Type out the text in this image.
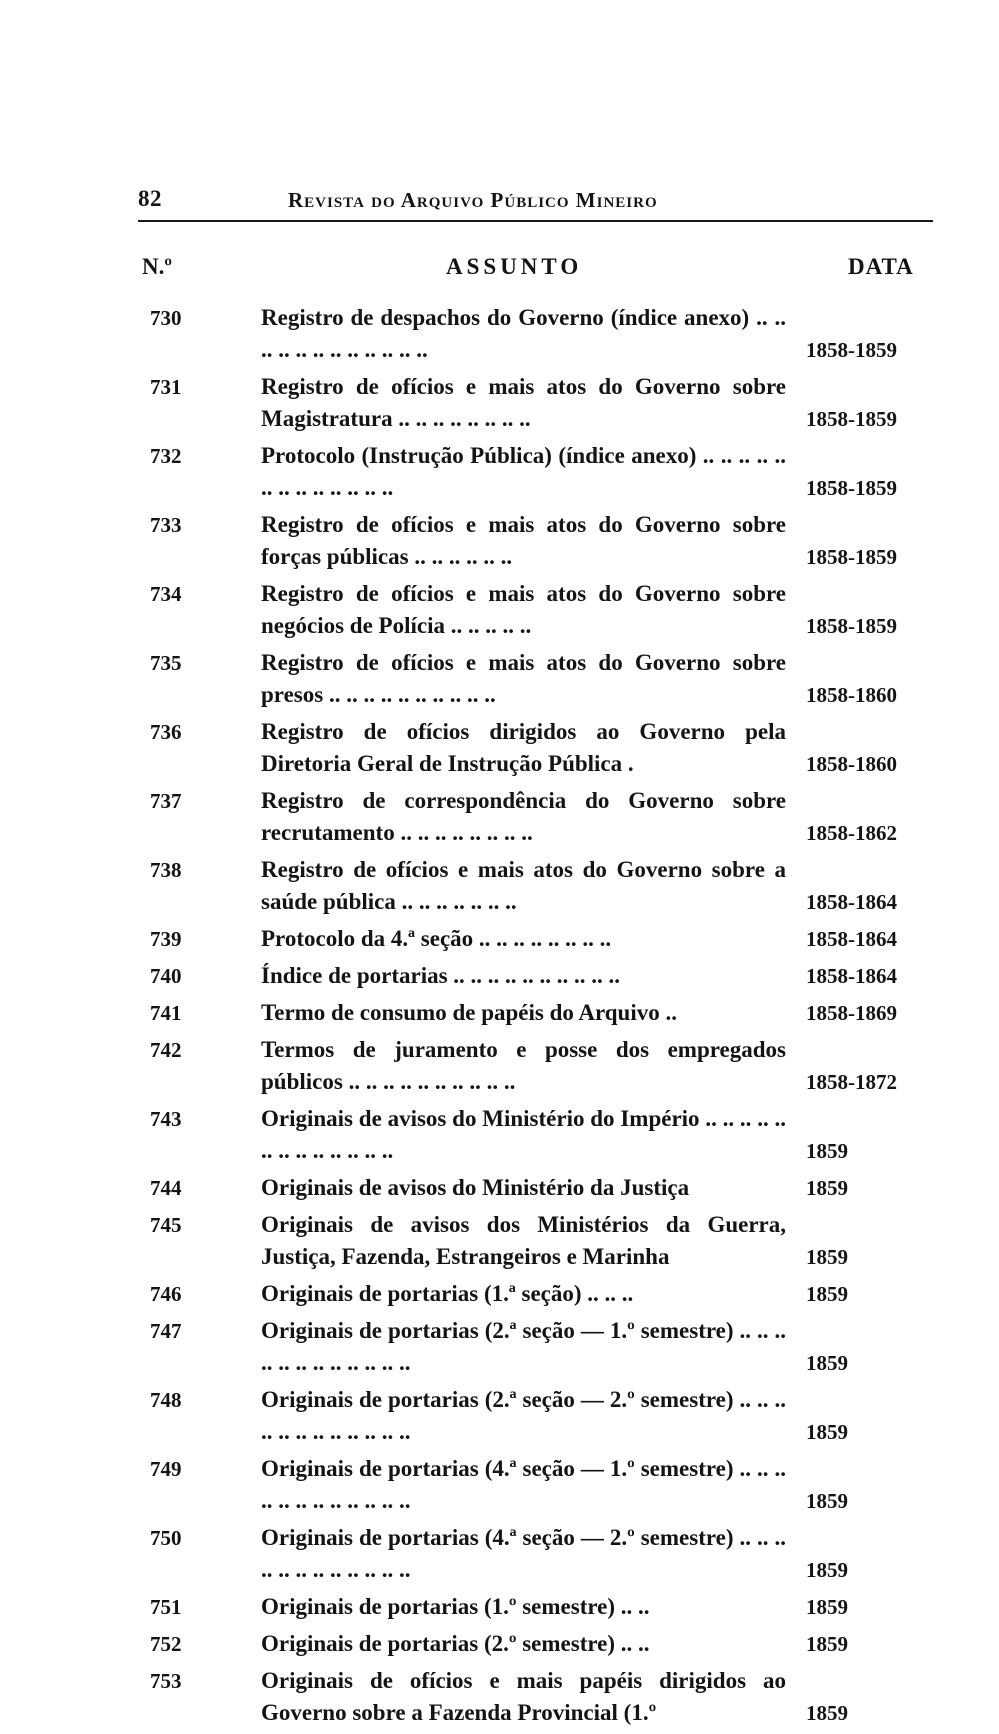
82	Revista do Arquivo Público Mineiro
N.º	ASSUNTO	DATA
730	Registro de despachos do Governo (índice anexo) .. .. .. .. .. .. .. .. .. .. .. ..	1858-1859
731	Registro de ofícios e mais atos do Governo sobre Magistratura .. .. .. .. .. .. .. ..	1858-1859
732	Protocolo (Instrução Pública) (índice anexo) .. .. .. .. .. .. .. .. .. .. .. .. ..	1858-1859
733	Registro de ofícios e mais atos do Governo sobre forças públicas .. .. .. .. .. ..	1858-1859
734	Registro de ofícios e mais atos do Governo sobre negócios de Polícia .. .. .. .. ..	1858-1859
735	Registro de ofícios e mais atos do Governo sobre presos .. .. .. .. .. .. .. .. .. ..	1858-1860
736	Registro de ofícios dirigidos ao Governo pela Diretoria Geral de Instrução Pública .	1858-1860
737	Registro de correspondência do Governo sobre recrutamento .. .. .. .. .. .. .. ..	1858-1862
738	Registro de ofícios e mais atos do Governo sobre a saúde pública .. .. .. .. .. .. ..	1858-1864
739	Protocolo da 4.ª seção .. .. .. .. .. .. .. ..	1858-1864
740	Índice de portarias .. .. .. .. .. .. .. .. .. ..	1858-1864
741	Termo de consumo de papéis do Arquivo ..	1858-1869
742	Termos de juramento e posse dos empregados públicos .. .. .. .. .. .. .. .. .. ..	1858-1872
743	Originais de avisos do Ministério do Império .. .. .. .. .. .. .. .. .. .. .. .. ..	1859
744	Originais de avisos do Ministério da Justiça	1859
745	Originais de avisos dos Ministérios da Guerra, Justiça, Fazenda, Estrangeiros e Marinha	1859
746	Originais de portarias (1.ª seção) .. .. ..	1859
747	Originais de portarias (2.ª seção — 1.º semestre) .. .. .. .. .. .. .. .. .. .. .. ..	1859
748	Originais de portarias (2.ª seção — 2.º semestre) .. .. .. .. .. .. .. .. .. .. .. ..	1859
749	Originais de portarias (4.ª seção — 1.º semestre) .. .. .. .. .. .. .. .. .. .. .. ..	1859
750	Originais de portarias (4.ª seção — 2.º semestre) .. .. .. .. .. .. .. .. .. .. .. ..	1859
751	Originais de portarias (1.º semestre) .. ..	1859
752	Originais de portarias (2.º semestre) .. ..	1859
753	Originais de ofícios e mais papéis dirigidos ao Governo sobre a Fazenda Provincial (1.º	1859
